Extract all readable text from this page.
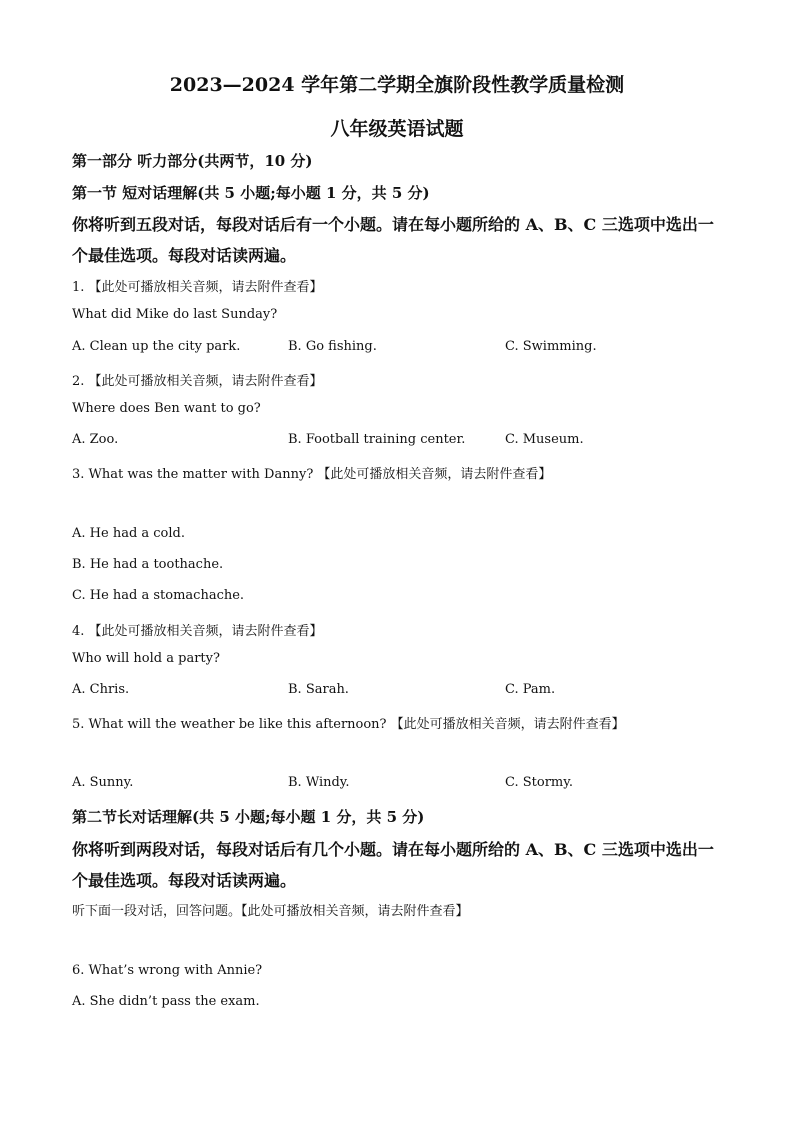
2023—2024 学年第二学期全旗阶段性教学质量检测
八年级英语试题
第一部分 听力部分(共两节，10 分)
第一节 短对话理解(共 5 小题;每小题 1 分，共 5 分)
你将听到五段对话，每段对话后有一个小题。请在每小题所给的 A、B、C 三选项中选出一
个最佳选项。每段对话读两遍。
1. 【此处可播放相关音频，请去附件查看】
What did Mike do last Sunday?
A. Clean up the city park.	B. Go fishing.	C. Swimming.
2. 【此处可播放相关音频，请去附件查看】
Where does Ben want to go?
A. Zoo.	B. Football training center.	C. Museum.
3. What was the matter with Danny? 【此处可播放相关音频，请去附件查看】
A. He had a cold.
B. He had a toothache.
C. He had a stomachache.
4. 【此处可播放相关音频，请去附件查看】
Who will hold a party?
A. Chris.	B. Sarah.	C. Pam.
5. What will the weather be like this afternoon? 【此处可播放相关音频，请去附件查看】
A. Sunny.	B. Windy.	C. Stormy.
第二节长对话理解(共 5 小题;每小题 1 分，共 5 分)
你将听到两段对话，每段对话后有几个小题。请在每小题所给的 A、B、C 三选项中选出一
个最佳选项。每段对话读两遍。
听下面一段对话，回答问题。【此处可播放相关音频，请去附件查看】
6. What’s wrong with Annie?
A. She didn’t pass the exam.
